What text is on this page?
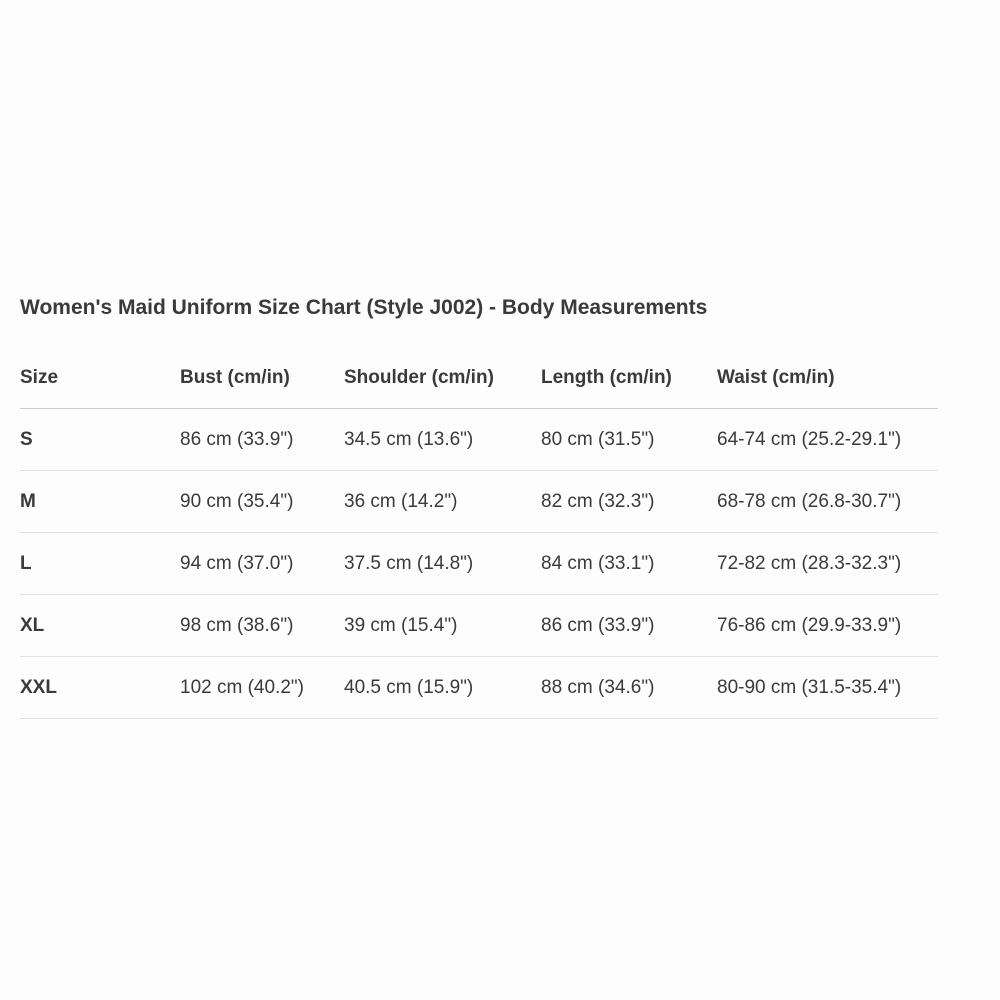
Women's Maid Uniform Size Chart (Style J002) - Body Measurements
Size	Bust (cm/in)	Shoulder (cm/in)	Length (cm/in)	Waist (cm/in)
S	86 cm (33.9")	34.5 cm (13.6")	80 cm (31.5")	64-74 cm (25.2-29.1")
M	90 cm (35.4")	36 cm (14.2")	82 cm (32.3")	68-78 cm (26.8-30.7")
L	94 cm (37.0")	37.5 cm (14.8")	84 cm (33.1")	72-82 cm (28.3-32.3")
XL	98 cm (38.6")	39 cm (15.4")	86 cm (33.9")	76-86 cm (29.9-33.9")
XXL	102 cm (40.2")	40.5 cm (15.9")	88 cm (34.6")	80-90 cm (31.5-35.4")
